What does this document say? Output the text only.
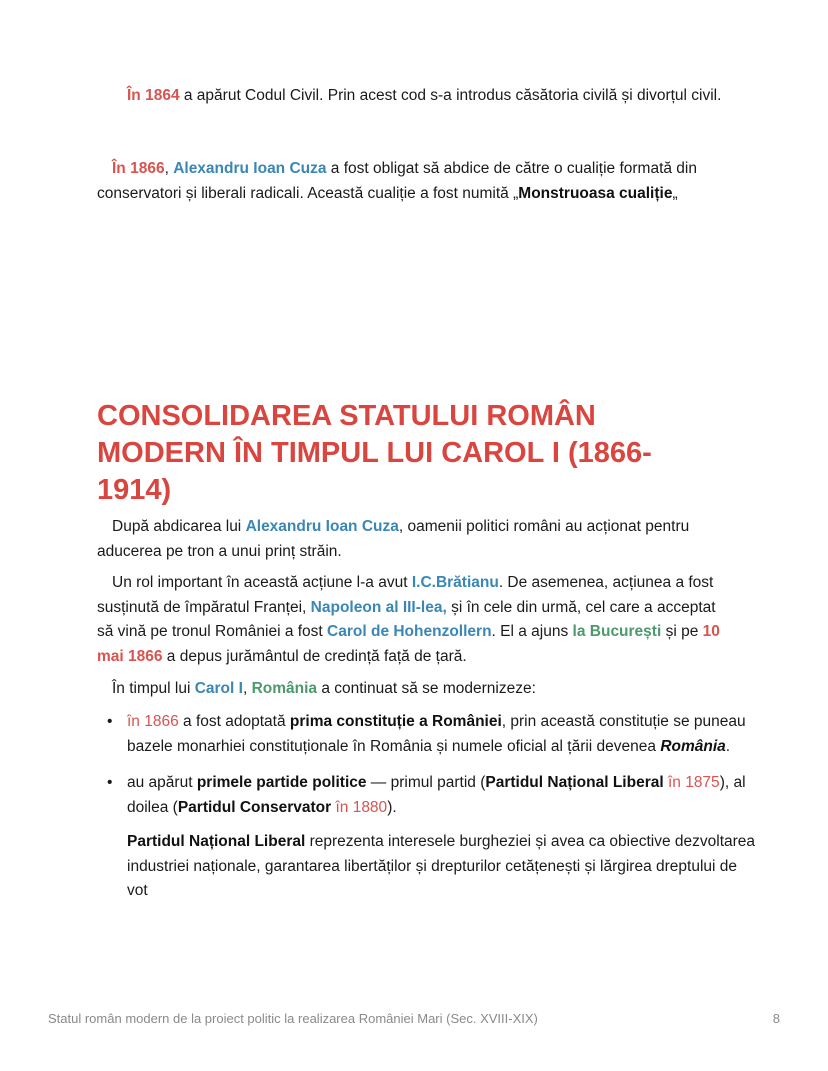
În 1864 a apărut Codul Civil. Prin acest cod s-a introdus căsătoria civilă și divorțul civil.

În 1866, Alexandru Ioan Cuza a fost obligat să abdice de către o cualiție formată din conservatori și liberali radicali. Această cualiție a fost numită „Monstruoasa cualiție„

CONSOLIDAREA STATULUI ROMÂN MODERN ÎN TIMPUL LUI CAROL I (1866-1914)

După abdicarea lui Alexandru Ioan Cuza, oamenii politici români au acționat pentru aducerea pe tron a unui prinț străin.

Un rol important în această acțiune l-a avut I.C.Brătianu. De asemenea, acțiunea a fost susținută de împăratul Franței, Napoleon al III-lea, și în cele din urmă, cel care a acceptat să vină pe tronul României a fost Carol de Hohenzollern. El a ajuns la București și pe 10 mai 1866 a depus jurământul de credință față de țară.

În timpul lui Carol I, România a continuat să se modernizeze:

• în 1866 a fost adoptată prima constituție a României, prin această constituție se puneau bazele monarhiei constituționale în România și numele oficial al țării devenea România.
• au apărut primele partide politice — primul partid (Partidul Național Liberal în 1875), al doilea (Partidul Conservator în 1880).
Partidul Național Liberal reprezenta interesele burgheziei și avea ca obiective dezvoltarea industriei naționale, garantarea libertăților și drepturilor cetățenești și lărgirea dreptului de vot
Statul român modern de la proiect politic la realizarea României Mari (Sec. XVIII-XIX)	8
